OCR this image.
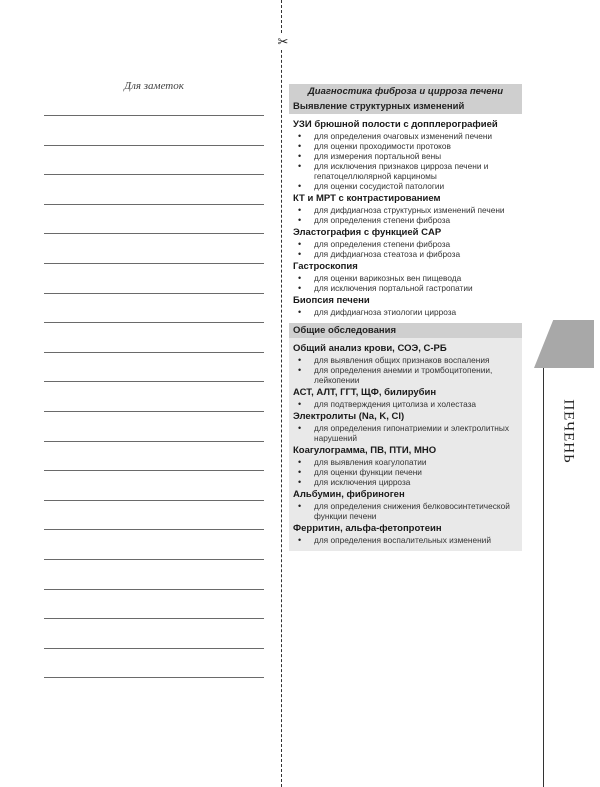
Для заметок
✂
Диагностика фиброза и цирроза печени
Выявление структурных изменений
УЗИ брюшной полости с допплерографией
• для определения очаговых изменений печени
• для оценки проходимости протоков
• для измерения портальной вены
• для исключения признаков цирроза печени и гепатоцеллюлярной карциномы
• для оценки сосудистой патологии
КТ и МРТ с контрастированием
• для дифдиагноза структурных изменений печени
• для определения степени фиброза
Эластография с функцией CAP
• для определения степени фиброза
• для дифдиагноза стеатоза и фиброза
Гастроскопия
• для оценки варикозных вен пищевода
• для исключения портальной гастропатии
Биопсия печени
• для дифдиагноза этиологии цирроза
Общие обследования
Общий анализ крови, СОЭ, С-РБ
• для выявления общих признаков воспаления
• для определения анемии и тромбоцитопении, лейкопении
АСТ, АЛТ, ГГТ, ЩФ, билирубин
• для подтверждения цитолиза и холестаза
Электролиты (Na, K, Cl)
• для определения гипонатриемии и электролитных нарушений
Коагулограмма, ПВ, ПТИ, МНО
• для выявления коагулопатии
• для оценки функции печени
• для исключения цирроза
Альбумин, фибриноген
• для определения снижения белковосинтетической функции печени
Ферритин, альфа-фетопротеин
• для определения воспалительных изменений
ПЕЧЕНЬ
